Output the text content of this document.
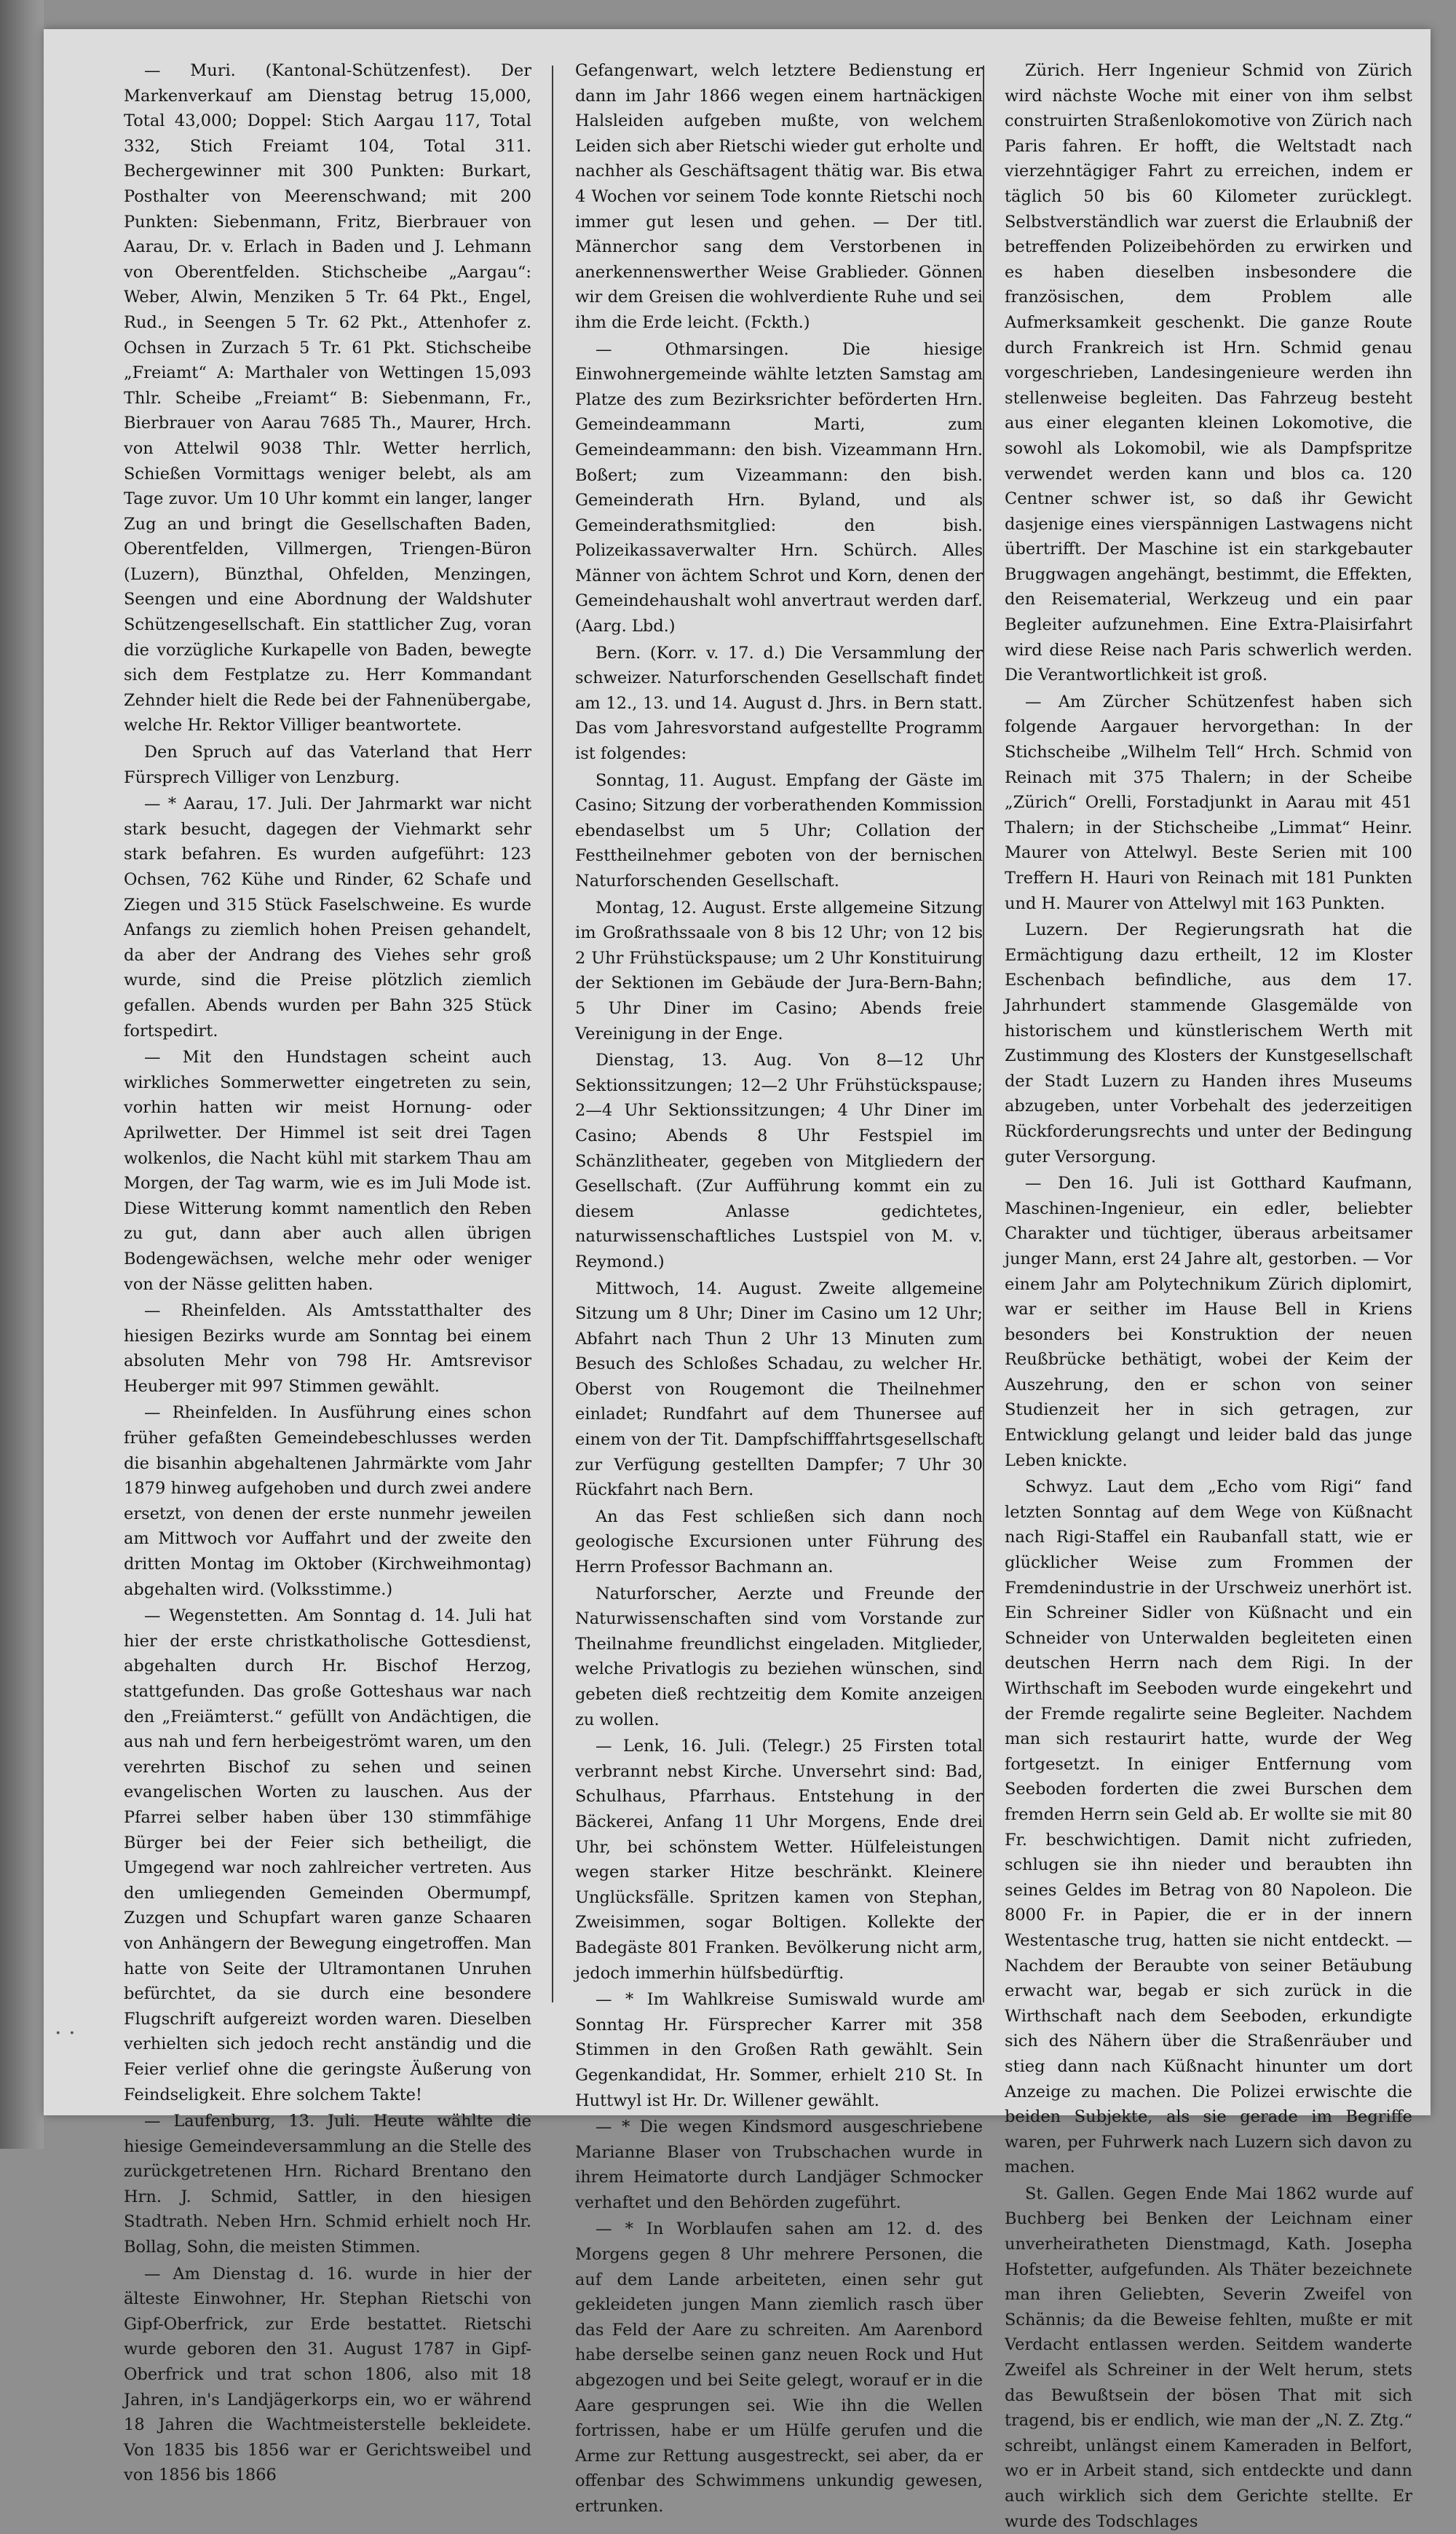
— Muri. (Kantonal-Schützenfest). Der Markenverkauf am Dienstag betrug 15,000, Total 43,000; Doppel: Stich Aargau 117, Total 332, Stich Freiamt 104, Total 311. Bechergewinner mit 300 Punkten: Burkart, Posthalter von Meerenschwand; mit 200 Punkten: Siebenmann, Fritz, Bierbrauer von Aarau, Dr. v. Erlach in Baden und J. Lehmann von Oberentfelden. Stichscheibe „Aargau“: Weber, Alwin, Menziken 5 Tr. 64 Pkt., Engel, Rud., in Seengen 5 Tr. 62 Pkt., Attenhofer z. Ochsen in Zurzach 5 Tr. 61 Pkt. Stichscheibe „Freiamt“ A: Marthaler von Wettingen 15,093 Thlr. Scheibe „Freiamt“ B: Siebenmann, Fr., Bierbrauer von Aarau 7685 Th., Maurer, Hrch. von Attelwil 9038 Thlr. Wetter herrlich, Schießen Vormittags weniger belebt, als am Tage zuvor. Um 10 Uhr kommt ein langer, langer Zug an und bringt die Gesellschaften Baden, Oberentfelden, Villmergen, Triengen-Büron (Luzern), Bünzthal, Ohfelden, Menzingen, Seengen und eine Abordnung der Waldshuter Schützengesellschaft. Ein stattlicher Zug, voran die vorzügliche Kurkapelle von Baden, bewegte sich dem Festplatze zu. Herr Kommandant Zehnder hielt die Rede bei der Fahnenübergabe, welche Hr. Rektor Villiger beantwortete.

Den Spruch auf das Vaterland that Herr Fürsprech Villiger von Lenzburg.

— * Aarau, 17. Juli. Der Jahrmarkt war nicht stark besucht, dagegen der Viehmarkt sehr stark befahren. Es wurden aufgeführt: 123 Ochsen, 762 Kühe und Rinder, 62 Schafe und Ziegen und 315 Stück Faselschweine. Es wurde Anfangs zu ziemlich hohen Preisen gehandelt, da aber der Andrang des Viehes sehr groß wurde, sind die Preise plötzlich ziemlich gefallen. Abends wurden per Bahn 325 Stück fortspedirt.

— Mit den Hundstagen scheint auch wirkliches Sommerwetter eingetreten zu sein, vorhin hatten wir meist Hornung- oder Aprilwetter. Der Himmel ist seit drei Tagen wolkenlos, die Nacht kühl mit starkem Thau am Morgen, der Tag warm, wie es im Juli Mode ist. Diese Witterung kommt namentlich den Reben zu gut, dann aber auch allen übrigen Bodengewächsen, welche mehr oder weniger von der Nässe gelitten haben.

— Rheinfelden. Als Amtsstatthalter des hiesigen Bezirks wurde am Sonntag bei einem absoluten Mehr von 798 Hr. Amtsrevisor Heuberger mit 997 Stimmen gewählt.

— Rheinfelden. In Ausführung eines schon früher gefaßten Gemeindebeschlusses werden die bisanhin abgehaltenen Jahrmärkte vom Jahr 1879 hinweg aufgehoben und durch zwei andere ersetzt, von denen der erste nunmehr jeweilen am Mittwoch vor Auffahrt und der zweite den dritten Montag im Oktober (Kirchweihmontag) abgehalten wird. (Volksstimme.)

— Wegenstetten. Am Sonntag d. 14. Juli hat hier der erste christkatholische Gottesdienst, abgehalten durch Hr. Bischof Herzog, stattgefunden. Das große Gotteshaus war nach den „Freiämterst.“ gefüllt von Andächtigen, die aus nah und fern herbeigeströmt waren, um den verehrten Bischof zu sehen und seinen evangelischen Worten zu lauschen. Aus der Pfarrei selber haben über 130 stimmfähige Bürger bei der Feier sich betheiligt, die Umgegend war noch zahlreicher vertreten. Aus den umliegenden Gemeinden Obermumpf, Zuzgen und Schupfart waren ganze Schaaren von Anhängern der Bewegung eingetroffen. Man hatte von Seite der Ultramontanen Unruhen befürchtet, da sie durch eine besondere Flugschrift aufgereizt worden waren. Dieselben verhielten sich jedoch recht anständig und die Feier verlief ohne die geringste Äußerung von Feindseligkeit. Ehre solchem Takte!

— Laufenburg, 13. Juli. Heute wählte die hiesige Gemeindeversammlung an die Stelle des zurückgetretenen Hrn. Richard Brentano den Hrn. J. Schmid, Sattler, in den hiesigen Stadtrath. Neben Hrn. Schmid erhielt noch Hr. Bollag, Sohn, die meisten Stimmen.

— Am Dienstag d. 16. wurde in hier der älteste Einwohner, Hr. Stephan Rietschi von Gipf-Oberfrick, zur Erde bestattet. Rietschi wurde geboren den 31. August 1787 in Gipf-Oberfrick und trat schon 1806, also mit 18 Jahren, in's Landjägerkorps ein, wo er während 18 Jahren die Wachtmeisterstelle bekleidete. Von 1835 bis 1856 war er Gerichtsweibel und von 1856 bis 1866

Gefangenwart, welch letztere Bedienstung er dann im Jahr 1866 wegen einem hartnäckigen Halsleiden aufgeben mußte, von welchem Leiden sich aber Rietschi wieder gut erholte und nachher als Geschäftsagent thätig war. Bis etwa 4 Wochen vor seinem Tode konnte Rietschi noch immer gut lesen und gehen. — Der titl. Männerchor sang dem Verstorbenen in anerkennenswerther Weise Grablieder. Gönnen wir dem Greisen die wohlverdiente Ruhe und sei ihm die Erde leicht. (Fckth.)

— Othmarsingen. Die hiesige Einwohnergemeinde wählte letzten Samstag am Platze des zum Bezirksrichter beförderten Hrn. Gemeindeammann Marti, zum Gemeindeammann: den bish. Vizeammann Hrn. Boßert; zum Vizeammann: den bish. Gemeinderath Hrn. Byland, und als Gemeinderathsmitglied: den bish. Polizeikassaverwalter Hrn. Schürch. Alles Männer von ächtem Schrot und Korn, denen der Gemeindehaushalt wohl anvertraut werden darf. (Aarg. Lbd.)

Bern. (Korr. v. 17. d.) Die Versammlung der schweizer. Naturforschenden Gesellschaft findet am 12., 13. und 14. August d. Jhrs. in Bern statt. Das vom Jahresvorstand aufgestellte Programm ist folgendes:

Sonntag, 11. August. Empfang der Gäste im Casino; Sitzung der vorberathenden Kommission ebendaselbst um 5 Uhr; Collation der Festtheilnehmer geboten von der bernischen Naturforschenden Gesellschaft.

Montag, 12. August. Erste allgemeine Sitzung im Großrathssaale von 8 bis 12 Uhr; von 12 bis 2 Uhr Frühstückspause; um 2 Uhr Konstituirung der Sektionen im Gebäude der Jura-Bern-Bahn; 5 Uhr Diner im Casino; Abends freie Vereinigung in der Enge.

Dienstag, 13. Aug. Von 8—12 Uhr Sektionssitzungen; 12—2 Uhr Frühstückspause; 2—4 Uhr Sektionssitzungen; 4 Uhr Diner im Casino; Abends 8 Uhr Festspiel im Schänzlitheater, gegeben von Mitgliedern der Gesellschaft. (Zur Aufführung kommt ein zu diesem Anlasse gedichtetes, naturwissenschaftliches Lustspiel von M. v. Reymond.)

Mittwoch, 14. August. Zweite allgemeine Sitzung um 8 Uhr; Diner im Casino um 12 Uhr; Abfahrt nach Thun 2 Uhr 13 Minuten zum Besuch des Schloßes Schadau, zu welcher Hr. Oberst von Rougemont die Theilnehmer einladet; Rundfahrt auf dem Thunersee auf einem von der Tit. Dampfschifffahrtsgesellschaft zur Verfügung gestellten Dampfer; 7 Uhr 30 Rückfahrt nach Bern.

An das Fest schließen sich dann noch geologische Excursionen unter Führung des Herrn Professor Bachmann an.

Naturforscher, Aerzte und Freunde der Naturwissenschaften sind vom Vorstande zur Theilnahme freundlichst eingeladen. Mitglieder, welche Privatlogis zu beziehen wünschen, sind gebeten dieß rechtzeitig dem Komite anzeigen zu wollen.

— Lenk, 16. Juli. (Telegr.) 25 Firsten total verbrannt nebst Kirche. Unversehrt sind: Bad, Schulhaus, Pfarrhaus. Entstehung in der Bäckerei, Anfang 11 Uhr Morgens, Ende drei Uhr, bei schönstem Wetter. Hülfeleistungen wegen starker Hitze beschränkt. Kleinere Unglücksfälle. Spritzen kamen von Stephan, Zweisimmen, sogar Boltigen. Kollekte der Badegäste 801 Franken. Bevölkerung nicht arm, jedoch immerhin hülfsbedürftig.

— * Im Wahlkreise Sumiswald wurde am Sonntag Hr. Fürsprecher Karrer mit 358 Stimmen in den Großen Rath gewählt. Sein Gegenkandidat, Hr. Sommer, erhielt 210 St. In Huttwyl ist Hr. Dr. Willener gewählt.

— * Die wegen Kindsmord ausgeschriebene Marianne Blaser von Trubschachen wurde in ihrem Heimatorte durch Landjäger Schmocker verhaftet und den Behörden zugeführt.

— * In Worblaufen sahen am 12. d. des Morgens gegen 8 Uhr mehrere Personen, die auf dem Lande arbeiteten, einen sehr gut gekleideten jungen Mann ziemlich rasch über das Feld der Aare zu schreiten. Am Aarenbord habe derselbe seinen ganz neuen Rock und Hut abgezogen und bei Seite gelegt, worauf er in die Aare gesprungen sei. Wie ihn die Wellen fortrissen, habe er um Hülfe gerufen und die Arme zur Rettung ausgestreckt, sei aber, da er offenbar des Schwimmens unkundig gewesen, ertrunken.

Zürich. Herr Ingenieur Schmid von Zürich wird nächste Woche mit einer von ihm selbst construirten Straßenlokomotive von Zürich nach Paris fahren. Er hofft, die Weltstadt nach vierzehntägiger Fahrt zu erreichen, indem er täglich 50 bis 60 Kilometer zurücklegt. Selbstverständlich war zuerst die Erlaubniß der betreffenden Polizeibehörden zu erwirken und es haben dieselben insbesondere die französischen, dem Problem alle Aufmerksamkeit geschenkt. Die ganze Route durch Frankreich ist Hrn. Schmid genau vorgeschrieben, Landesingenieure werden ihn stellenweise begleiten. Das Fahrzeug besteht aus einer eleganten kleinen Lokomotive, die sowohl als Lokomobil, wie als Dampfspritze verwendet werden kann und blos ca. 120 Centner schwer ist, so daß ihr Gewicht dasjenige eines vierspännigen Lastwagens nicht übertrifft. Der Maschine ist ein starkgebauter Bruggwagen angehängt, bestimmt, die Effekten, den Reisematerial, Werkzeug und ein paar Begleiter aufzunehmen. Eine Extra-Plaisirfahrt wird diese Reise nach Paris schwerlich werden. Die Verantwortlichkeit ist groß.

— Am Zürcher Schützenfest haben sich folgende Aargauer hervorgethan: In der Stichscheibe „Wilhelm Tell“ Hrch. Schmid von Reinach mit 375 Thalern; in der Scheibe „Zürich“ Orelli, Forstadjunkt in Aarau mit 451 Thalern; in der Stichscheibe „Limmat“ Heinr. Maurer von Attelwyl. Beste Serien mit 100 Treffern H. Hauri von Reinach mit 181 Punkten und H. Maurer von Attelwyl mit 163 Punkten.

Luzern. Der Regierungsrath hat die Ermächtigung dazu ertheilt, 12 im Kloster Eschenbach befindliche, aus dem 17. Jahrhundert stammende Glasgemälde von historischem und künstlerischem Werth mit Zustimmung des Klosters der Kunstgesellschaft der Stadt Luzern zu Handen ihres Museums abzugeben, unter Vorbehalt des jederzeitigen Rückforderungsrechts und unter der Bedingung guter Versorgung.

— Den 16. Juli ist Gotthard Kaufmann, Maschinen-Ingenieur, ein edler, beliebter Charakter und tüchtiger, überaus arbeitsamer junger Mann, erst 24 Jahre alt, gestorben. — Vor einem Jahr am Polytechnikum Zürich diplomirt, war er seither im Hause Bell in Kriens besonders bei Konstruktion der neuen Reußbrücke bethätigt, wobei der Keim der Auszehrung, den er schon von seiner Studienzeit her in sich getragen, zur Entwicklung gelangt und leider bald das junge Leben knickte.

Schwyz. Laut dem „Echo vom Rigi“ fand letzten Sonntag auf dem Wege von Küßnacht nach Rigi-Staffel ein Raubanfall statt, wie er glücklicher Weise zum Frommen der Fremdenindustrie in der Urschweiz unerhört ist. Ein Schreiner Sidler von Küßnacht und ein Schneider von Unterwalden begleiteten einen deutschen Herrn nach dem Rigi. In der Wirthschaft im Seeboden wurde eingekehrt und der Fremde regalirte seine Begleiter. Nachdem man sich restaurirt hatte, wurde der Weg fortgesetzt. In einiger Entfernung vom Seeboden forderten die zwei Burschen dem fremden Herrn sein Geld ab. Er wollte sie mit 80 Fr. beschwichtigen. Damit nicht zufrieden, schlugen sie ihn nieder und beraubten ihn seines Geldes im Betrag von 80 Napoleon. Die 8000 Fr. in Papier, die er in der innern Westentasche trug, hatten sie nicht entdeckt. — Nachdem der Beraubte von seiner Betäubung erwacht war, begab er sich zurück in die Wirthschaft nach dem Seeboden, erkundigte sich des Nähern über die Straßenräuber und stieg dann nach Küßnacht hinunter um dort Anzeige zu machen. Die Polizei erwischte die beiden Subjekte, als sie gerade im Begriffe waren, per Fuhrwerk nach Luzern sich davon zu machen.

St. Gallen. Gegen Ende Mai 1862 wurde auf Buchberg bei Benken der Leichnam einer unverheiratheten Dienstmagd, Kath. Josepha Hofstetter, aufgefunden. Als Thäter bezeichnete man ihren Geliebten, Severin Zweifel von Schännis; da die Beweise fehlten, mußte er mit Verdacht entlassen werden. Seitdem wanderte Zweifel als Schreiner in der Welt herum, stets das Bewußtsein der bösen That mit sich tragend, bis er endlich, wie man der „N. Z. Ztg.“ schreibt, unlängst einem Kameraden in Belfort, wo er in Arbeit stand, sich entdeckte und dann auch wirklich sich dem Gerichte stellte. Er wurde des Todschlages

· ·
